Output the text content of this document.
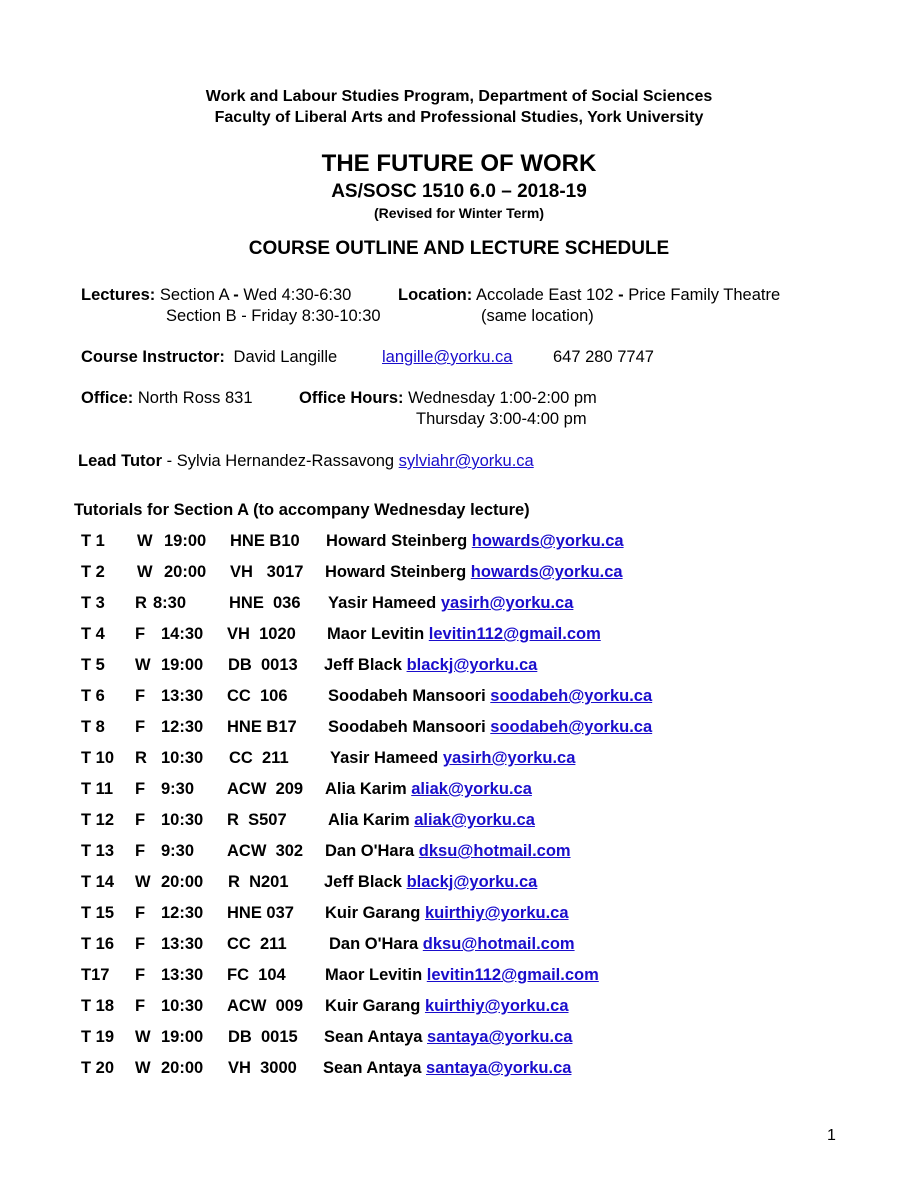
Work and Labour Studies Program, Department of Social Sciences
Faculty of Liberal Arts and Professional Studies, York University
THE FUTURE OF WORK
AS/SOSC 1510 6.0 – 2018-19
(Revised for Winter Term)
COURSE OUTLINE AND LECTURE SCHEDULE
Lectures: Section A - Wed 4:30-6:30	Location: Accolade East 102 - Price Family Theatre
Section B - Friday 8:30-10:30	(same location)
Course Instructor: David Langille	langille@yorku.ca 647 280 7747
Office: North Ross 831	Office Hours: Wednesday 1:00-2:00 pm
Thursday 3:00-4:00 pm
Lead Tutor - Sylvia Hernandez-Rassavong sylviahr@yorku.ca
Tutorials for Section A (to accompany Wednesday lecture)
T 1 W 19:00 HNE B10 Howard Steinberg howards@yorku.ca
T 2 W 20:00 VH   3017 Howard Steinberg howards@yorku.ca
T 3 R 8:30	HNE  036 Yasir Hameed yasirh@yorku.ca
T 4 F 14:30 VH  1020 Maor Levitin levitin112@gmail.com
T 5 W 19:00 DB  0013 Jeff Black blackj@yorku.ca
T 6 F 13:30 CC  106 Soodabeh Mansoori soodabeh@yorku.ca
T 8 F 12:30 HNE B17 Soodabeh Mansoori soodabeh@yorku.ca
T 10 R 10:30 CC  211	Yasir Hameed yasirh@yorku.ca
T 11 F 9:30 ACW  209 Alia Karim aliak@yorku.ca
T 12 F 10:30 R  S507	Alia Karim aliak@yorku.ca
T 13 F 9:30 ACW  302 Dan O'Hara dksu@hotmail.com
T 14 W 20:00 R  N201 Jeff Black blackj@yorku.ca
T 15 F 12:30 HNE 037 Kuir Garang kuirthiy@yorku.ca
T 16 F 13:30 CC  211	Dan O'Hara dksu@hotmail.com
T17 F 13:30 FC  104 Maor Levitin levitin112@gmail.com
T 18 F 10:30 ACW  009 Kuir Garang kuirthiy@yorku.ca
T 19 W 19:00 DB  0015 Sean Antaya santaya@yorku.ca
T 20 W 20:00 VH  3000 Sean Antaya santaya@yorku.ca
1
